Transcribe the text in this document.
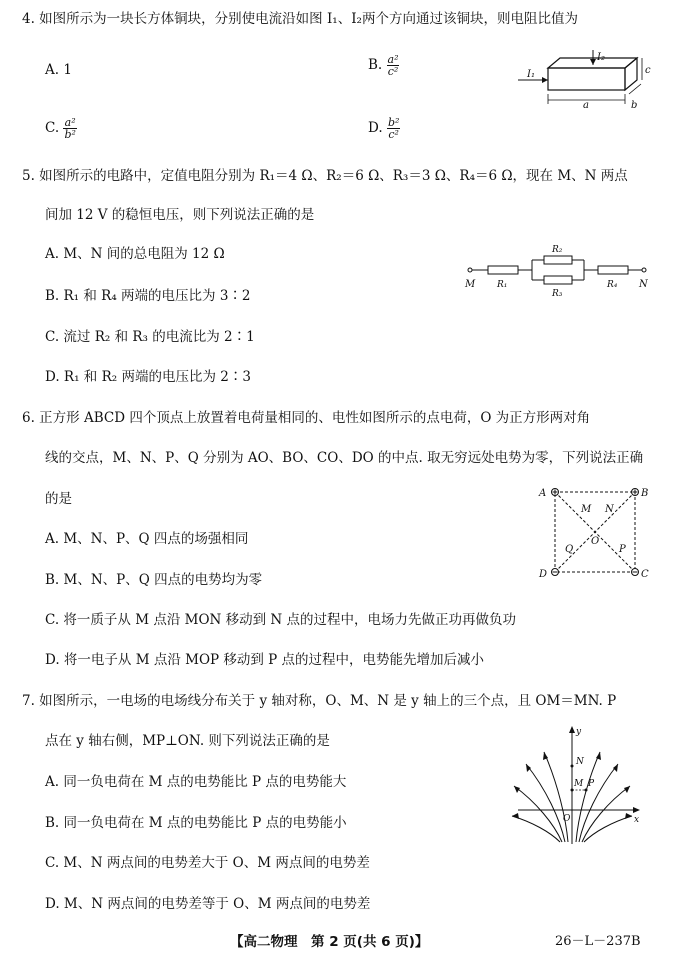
4. 如图所示为一块长方体铜块，分别使电流沿如图 I₁、I₂两个方向通过该铜块，则电阻比值为
A. 1	B. $\frac{\text{a²}}{\text{c²}}$
C. $\frac{\text{a²}}{\text{b²}}$	D. $\frac{\text{b²}}{\text{c²}}$
I₁
I₂
a	b
c
5. 如图所示的电路中，定值电阻分别为 R₁＝4 Ω、R₂＝6 Ω、R₃＝3 Ω、R₄＝6 Ω，现在 M、N 两点
间加 12 V 的稳恒电压，则下列说法正确的是
A. M、N 间的总电阻为 12 Ω
B. R₁ 和 R₄ 两端的电压比为 3∶2
C. 流过 R₂ 和 R₃ 的电流比为 2∶1
D. R₁ 和 R₂ 两端的电压比为 2∶3
M R₁
R₂
R₃
R₄ N
6. 正方形 ABCD 四个顶点上放置着电荷量相同的、电性如图所示的点电荷，O 为正方形两对角
线的交点，M、N、P、Q 分别为 AO、BO、CO、DO 的中点. 取无穷远处电势为零，下列说法正确
的是
A. M、N、P、Q 四点的场强相同
B. M、N、P、Q 四点的电势均为零
C. 将一质子从 M 点沿 MON 移动到 N 点的过程中，电场力先做正功再做负功
D. 将一电子从 M 点沿 MOP 移动到 P 点的过程中，电势能先增加后减小
A	B
C
D
M N
O
P
Q
7. 如图所示，一电场的电场线分布关于 y 轴对称，O、M、N 是 y 轴上的三个点，且 OM＝MN. P
点在 y 轴右侧，MP⊥ON. 则下列说法正确的是
A. 同一负电荷在 M 点的电势能比 P 点的电势能大
B. 同一负电荷在 M 点的电势能比 P 点的电势能小
C. M、N 两点间的电势差大于 O、M 两点间的电势差
D. M、N 两点间的电势差等于 O、M 两点间的电势差
y
x
N
M P
O
【高二物理　第 2 页(共 6 页)】	26－L－237B
